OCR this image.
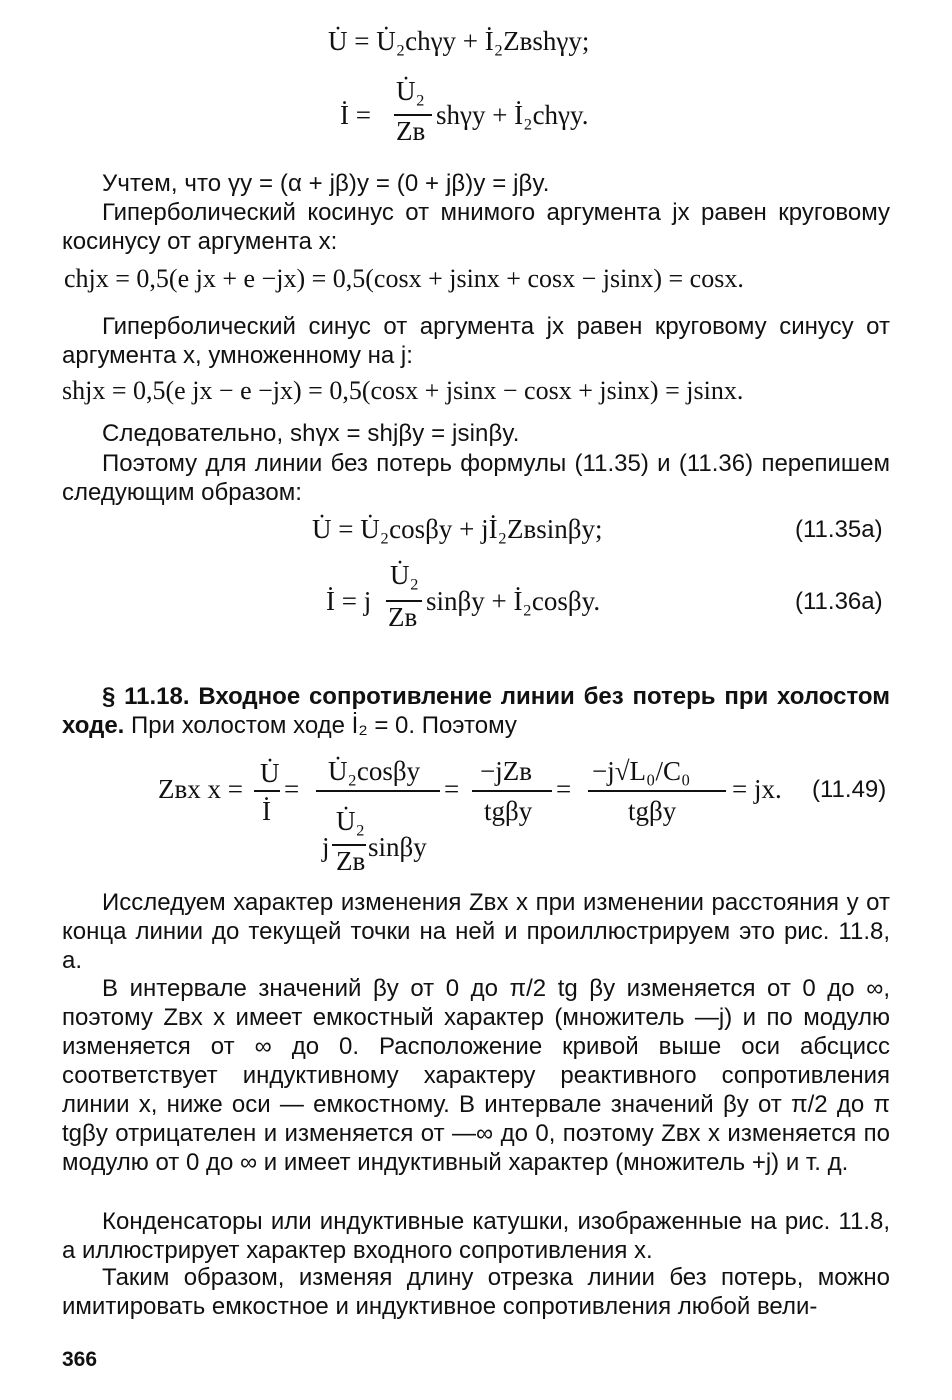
U̇ = U̇₂chγy + İ₂Zвshγy;
İ =
U̇₂
Zв
shγy + İ₂chγy.
Учтем, что γy = (α + jβ)y = (0 + jβ)y = jβy.
Гиперболический косинус от мнимого аргумента jx равен круговому косинусу от аргумента x:
chjx = 0,5(e jx + e −jx) = 0,5(cosx + jsinx + cosx − jsinx) = cosx.
Гиперболический синус от аргумента jx равен круговому синусу от аргумента x, умноженному на j:
shjx = 0,5(e jx − e −jx) = 0,5(cosx + jsinx − cosx + jsinx) = jsinx.
Следовательно, shγx = shjβy = jsinβy.
Поэтому для линии без потерь формулы (11.35) и (11.36) перепишем следующим образом:
U̇ = U̇₂cosβy + jİ₂Zвsinβy;	(11.35a)
İ = j
U̇₂
Zв
sinβy + İ₂cosβy.	(11.36a)
§ 11.18. Входное сопротивление линии без потерь при холостом ходе. При холостом ходе İ₂ = 0. Поэтому
Zвх x =
U̇
İ
=
U̇₂cosβy
j
U̇₂
Zв sinβy
=
−jZв
tgβy
=
−j√L₀/C₀
tgβy
= jx. (11.49)
Исследуем характер изменения Zвх x при изменении расстояния y от конца линии до текущей точки на ней и проиллюстрируем это рис. 11.8, a.
В интервале значений βy от 0 до π/2 tg βy изменяется от 0 до ∞, поэтому Zвх x имеет емкостный характер (множитель —j) и по модулю изменяется от ∞ до 0. Расположение кривой выше оси абсцисс соответствует индуктивному характеру реактивного сопротивления линии x, ниже оси — емкостному. В интервале значений βy от π/2 до π tgβy отрицателен и изменяется от —∞ до 0, поэтому Zвх x изменяется по модулю от 0 до ∞ и имеет индуктивный характер (множитель +j) и т. д.
Конденсаторы или индуктивные катушки, изображенные на рис. 11.8, a иллюстрирует характер входного сопротивления x.
Таким образом, изменяя длину отрезка линии без потерь, можно имитировать емкостное и индуктивное сопротивления любой вели-
366
